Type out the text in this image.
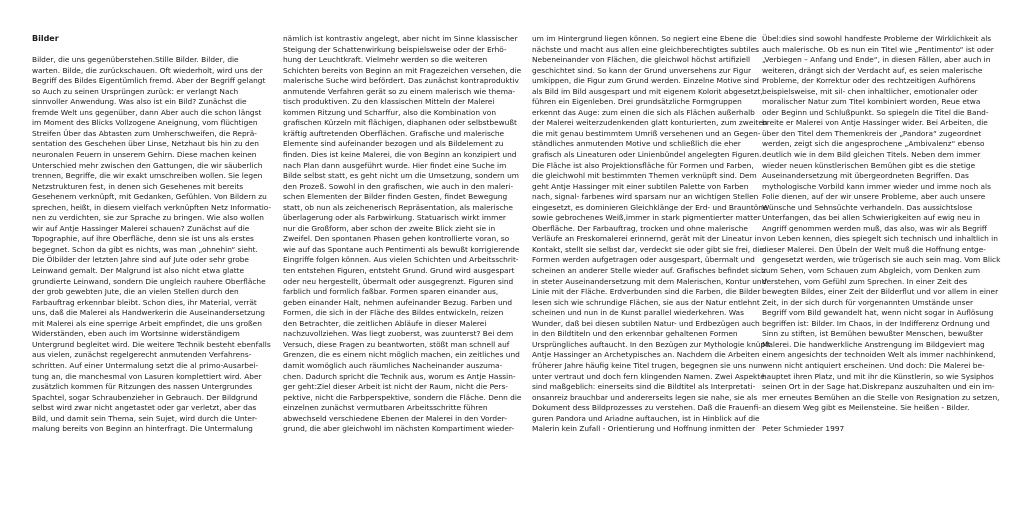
Bilder

Bilder, die uns gegenüberstehen.Stille Bilder. Bilder, die

warten. Bilde, die zurückschauen. Oft wiederholt, wird uns der

Begriff des Bildes Eigentümlich fremd. Aber der Begriff gelangt

so Auch zu seinen Ursprüngen zurück: er verlangt Nach

sinnvoller Anwendung. Was also ist ein Bild? Zunächst die

fremde Welt uns gegenüber, dann Aber auch die schon längst

im Moment des Blicks Vollzogene Aneignung, vom flüchtigen

Streifen Über das Abtasten zum Umherschweifen, die Reprä-

sentation des Geschehen über Linse, Netzhaut bis hin zu den

neuronalen Feuern in unserem Gehirn. Diese machen keinen

Unterschied mehr zwischen den Gattungen, die wir säuberlich

trennen, Begriffe, die wir exakt umschreiben wollen. Sie legen

Netzstrukturen fest, in denen sich Gesehenes mit bereits

Gesehenem verknüpft, mit Gedanken, Gefühlen. Von Bildern zu

sprechen, heißt, in diesem vielfach verknüpften Netz Informatio-

nen zu verdichten, sie zur Sprache zu bringen. Wie also wollen

wir auf Antje Hassinger Malerei schauen? Zunächst auf die

Topographie, auf ihre Oberfläche, denn sie ist uns als erstes

begegnet. Schon da gibt es nichts, was man „ohnehin“ sieht.

Die Ölbilder der letzten Jahre sind auf Jute oder sehr grobe

Leinwand gemalt. Der Malgrund ist also nicht etwa glatte

grundierte Leinwand, sondern Die ungleich rauhere Oberfläche

der grob gewebten Jute, die an vielen Stellen durch den

Farbauftrag erkennbar bleibt. Schon dies, ihr Material, verrät

uns, daß die Malerei als Handwerkerin die Auseinandersetzung

mit Malerei als eine sperrige Arbeit empfindet, die uns großen

Widerständen, eben auch im Wortsinne widerständigem

Untergrund begleitet wird. Die weitere Technik besteht ebenfalls

aus vielen, zunächst regelgerecht anmutenden Verfahrens-

schritten. Auf einer Untermalung setzt die al primo-Ausarbei-

tung an, die manchesmal von Lasuren komplettiert wird. Aber

zusätzlich kommen für Ritzungen des nassen Untergrundes

Spachtel, sogar Schraubenzieher in Gebrauch. Der Bildgrund

selbst wird zwar nicht angetastet oder gar verletzt, aber das

Bild, und damit sein Thema, sein Sujet, wird durch die Unter-

malung bereits von Beginn an hinterfragt. Die Untermalung

nämlich ist kontrastiv angelegt, aber nicht im Sinne klassischer

Steigung der Schattenwirkung beispielsweise oder der Erhö-

hung der Leuchtkraft. Vielmehr werden so die weiteren

Schichten bereits von Beginn an mit Fragezeichen versehen, die

malerische Suche wird befördert. Das zunächst kontraproduktiv

anmutende Verfahren gerät so zu einem malerisch wie thema-

tisch produktiven. Zu den klassischen Mitteln der Malerei

kommen Ritzung und Scharffur, also die Kombination von

grafischen Kürzeln mit flächigen, diaphanen oder selbstbewußt

kräftig auftretenden Oberflächen. Grafische und malerische

Elemente sind aufeinander bezogen und als Bildelement zu

finden. Dies ist keine Malerei, die von Beginn an konzipiert und

nach Plan dann ausgeführt wurde. Hier findet eine Suche im

Bilde selbst statt, es geht nicht um die Umsetzung, sondern um

den Prozeß. Sowohl in den grafischen, wie auch in den maleri-

schen Elementen der Bilder finden Gesten, findet Bewegung

statt, ob nun als zeichenerisch Repräsentation, als malerische

überlagerung oder als Farbwirkung. Statuarisch wirkt immer

nur die Großform, aber schon der zweite Blick zieht sie in

Zweifel. Den spontanen Phasen gehen kontrollierte voran, so

wie auf das Spontane auch Pentimenti als bewußt korrigierende

Eingriffe folgen können. Aus vielen Schichten und Arbeitsschrit-

ten entstehen Figuren, entsteht Grund. Grund wird ausgespart

oder neu hergestellt, übermalt oder ausgegrenzt. Figuren sind

farblich und formlich faßbar. Formen sparen einander aus,

geben einander Halt, nehmen aufeinander Bezug. Farben und

Formen, die sich in der Fläche des Bildes entwickeln, reizen

den Betrachter, die zeitlichen Abläufe in dieser Malerei

nachzuvollziehen. Was liegt zuoberst, was zuunterst? Bei dem

Versuch, diese Fragen zu beantworten, stößt man schnell auf

Grenzen, die es einem nicht möglich machen, ein zeitliches und

damit womöglich auch räumliches Nacheinander auszuma-

chen. Dadurch spricht die Technik aus, worum es Antje Hassin-

ger geht:Ziel dieser Arbeit ist nicht der Raum, nicht die Pers-

pektive, nicht die Farbperspektive, sondern die Fläche. Denn die

einzelnen zunächst vermutbaren Arbeitsschritte führen

abwechseld verschiedene Ebenen der Malerei in den Vorder-

grund, die aber gleichwohl im nächsten Kompartiment wieder-

um im Hintergrund liegen können. So negiert eine Ebene die

nächste und macht aus allen eine gleichberechtigtes subtiles

Nebeneinander von Flächen, die gleichwol höchst artifiziell

geschichtet sind. So kann der Grund unversehens zur Figur

umkippen, die Figur zum Grund werden. Einzelne Motive sind

als Bild im Bild ausgespart und mit eigenem Kolorit abgesetzt,

führen ein Eigenleben. Drei grundsätzliche Formgruppen

erkennt das Auge: zum einen die sich als Flächen außerhalb

der Malerei weiterzudenkenden glatt konturierten, zum zweiten

die mit genau bestimmtem Umriß versehenen und an Gegen-

ständliches anmutenden Motive und schließlich die eher

grafisch als Lineaturen oder Linienbündel angelegten Figuren.

Die Fläche ist also Projektionsfläche für Formen und Farben,

die gleichwohl mit bestimmten Themen verknüpft sind. Dem

geht Antje Hassinger mit einer subtilen Palette von Farben

nach, signal- farbenes wird sparsam nur an wichtigen Stellen

eingesetzt, es dominieren Gleichklänge der Erd- und Brauntöne

sowie gebrochenes Weiß,immer in stark pigmentierter matter

Oberfläche. Der Farbauftrag, trocken und ohne malerische

Verläufe an Freskomalerei erinnernd, gerät mit der Lineatur in

Kontakt, stellt sie selbst dar, verdeckt sie oder gibt sie frei, die

Formen werden aufgetragen oder ausgespart, übermalt und

scheinen an anderer Stelle wieder auf. Grafisches befindet sich

in steter Auseinandersetzung mit dem Malerischen, Kontur und

Linie mit der Fläche. Erdverbunden sind die Farben, die Bilder

lesen sich wie schrundige Flächen, sie aus der Natur entlehnt

scheinen und nun in de Kunst parallel wiederkehren. Was

Wunder, daß bei diesen subtilen Natur- und Erdbezügen auch

in den Bildtiteln und den erkennbar gehaltenen Formen

Ursprüngliches auftaucht. In den Bezügen zur Mythologie knüpft

Antje Hassinger an Archetypisches an. Nachdem die Arbeiten

früherer Jahre häufig keine Titel trugen, begegnen sie uns nun

unter vertraut und doch fern klingenden Namen. Zwei Aspekte

sind maßgeblich: einerseits sind die Bildtitel als Interpretati-

onsanreiz brauchbar und andererseits legen sie nahe, sie als

Dokument dess Bildprozesses zu verstehen. Daß die Frauenfi-

guren Pandora und Ariadne auftauchen, ist in Hinblick auf die

Malerin kein Zufall - Orientierung und Hoffnung inmitten der

Übel:dies sind sowohl handfeste Probleme der Wirklichkeit als

auch malerische. Ob es nun ein Titel wie „Pentimento“ ist oder

„Verbiegen – Anfang und Ende“, in diesen Fällen, aber auch in

weiteren, drängt sich der Verdacht auf, es seien malerische

Probleme, der Korrektur oder des rechtzeitigen Aufhörens

beispielsweise, mit sil- chen inhaltlicher, emotionaler oder

moralischer Natur zum Titel kombiniert worden, Reue etwa

oder Beginn und Schlußpunkt. So spiegeln die Titel die Band-

breite er Malerei von Antje Hassinger wider. Bei Arbeiten, die

über den Titel dem Themenkreis der „Pandora“ zugeordnet

werden, zeigt sich die angesprochene „Ambivalenz“ ebenso

deutlich wie in dem Bild gleichen Titels. Neben dem immer

wieder neuen künstlerischen Bemühen gibt es die stetige

Auseinandersetzung mit übergeordneten Begriffen. Das

mythologische Vorbild kann immer wieder und imme noch als

Folie dienen, auf der wir unsere Probleme, aber auch unsere

Wünsche und Sehnsüchte verhandeln. Das aussichtslose

Unterfangen, das bei allen Schwierigkeiten auf ewig neu in

Angriff genommen werden muß, das also, was wir als Begriff

von Leben kennen, dies spiegelt sich technisch und inhaltlich in

dieser Malerei. Den Übeln der Welt muß die Hoffnung entge-

gengesetzt werden, wie trügerisch sie auch sein mag. Vom Blick

zum Sehen, vom Schauen zum Abgleich, vom Denken zum

Verstehen, vom Gefühl zum Sprechen. In einer Zeit des

bewegten Bildes, einer Zeit der Bilderflut und vor allem in einer

Zeit, in der sich durch für vorgenannten Umstände unser

Begriff vom Bild gewandelt hat, wenn nicht sogar in Auflösung

begriffen ist: Bilder. Im Chaos, in der Indifferenz Ordnung und

Sinn zu stiften, ist Bemühen bewußter Menschen, bewußter

Malerei. Die handwerkliche Anstrengung im Bildgeviert mag

einem angesichts der technoiden Welt als immer nachhinkend,

wenn nicht antiquiert erscheinen. Und doch: Die Malerei be-

hauptet ihren Platz, und mit ihr die Künstlerin, so wie Sysiphos

seinen Ort in der Sage hat.Diskrepanz auszuhalten und ein im-

mer erneutes Bemühen an die Stelle von Resignation zu setzen,

an diesem Weg gibt es Meilensteine. Sie heißen - Bilder.

Peter Schmieder 1997
